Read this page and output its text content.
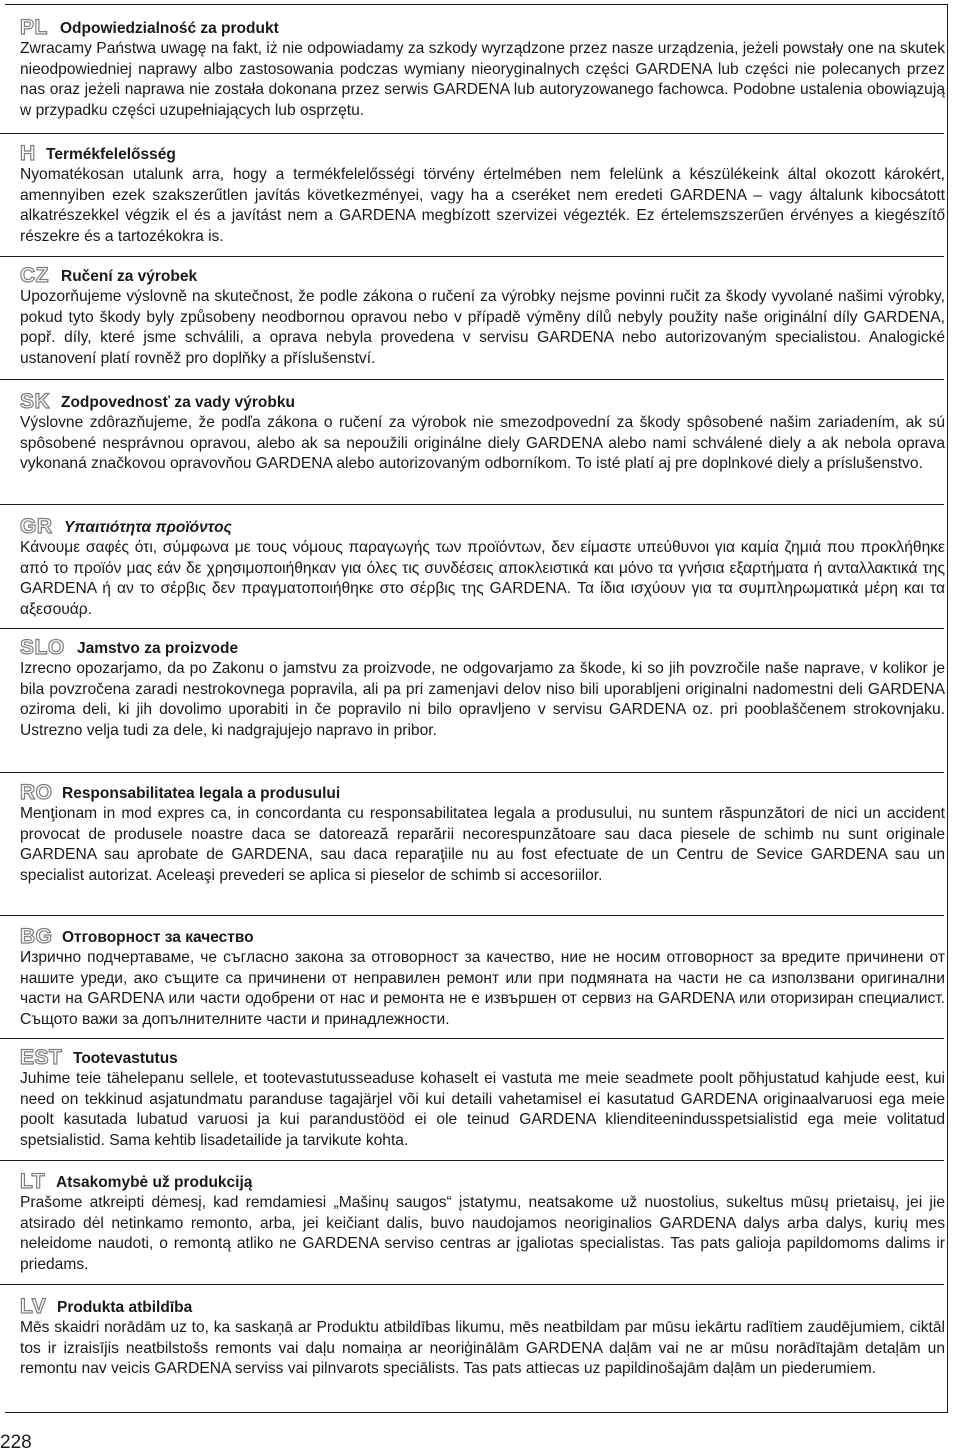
PL Odpowiedzialność za produkt

Zwracamy Państwa uwagę na fakt, iż nie odpowiadamy za szkody wyrządzone przez nasze urządzenia, jeżeli powstały one na skutek nieodpowiedniej naprawy albo zastosowania podczas wymiany nieoryginalnych części GARDENA lub części nie polecanych przez nas oraz jeżeli naprawa nie została dokonana przez serwis GARDENA lub autoryzowanego fachowca. Podobne ustalenia obowiązują w przypadku części uzupełniających lub osprzętu.

H Termékfelelősség

Nyomatékosan utalunk arra, hogy a termékfelelősségi törvény értelmében nem felelünk a készülékeink által okozott károkért, amennyiben ezek szakszerűtlen javítás következményei, vagy ha a cseréket nem eredeti GARDENA – vagy általunk kibocsátott alkatrészekkel végzik el és a javítást nem a GARDENA megbízott szervizei végezték. Ez értelemszszerűen érvényes a kiegészítő részekre és a tartozékokra is.

CZ Ručení za výrobek

Upozorňujeme výslovně na skutečnost, že podle zákona o ručení za výrobky nejsme povinni ručit za škody vyvolané našimi výrobky, pokud tyto škody byly způsobeny neodbornou opravou nebo v případě výměny dílů nebyly použity naše originální díly GARDENA, popř. díly, které jsme schválili, a oprava nebyla provedena v servisu GARDENA nebo autorizovaným specialistou. Analogické ustanovení platí rovněž pro doplňky a příslušenství.

SK Zodpovednosť za vady výrobku

Výslovne zdôrazňujeme, že podľa zákona o ručení za výrobok nie smezodpovední za škody spôsobené našim zariadením, ak sú spôsobené nesprávnou opravou, alebo ak sa nepoužili originálne diely GARDENA alebo nami schválené diely a ak nebola oprava vykonaná značkovou opravovňou GARDENA alebo autorizovaným odborníkom. To isté platí aj pre doplnkové diely a príslušenstvo.

GR Υπαιτιότητα προϊόντος

Κάνουμε σαφές ότι, σύμφωνα με τους νόμους παραγωγής των προϊόντων, δεν είμαστε υπεύθυνοι για καμία ζημιά που προκλήθηκε από το προϊόν μας εάν δε χρησιμοποιήθηκαν για όλες τις συνδέσεις αποκλειστικά και μόνο τα γνήσια εξαρτήματα ή ανταλλακτικά της GARDENA ή αν το σέρβις δεν πραγματοποιήθηκε στο σέρβις της GARDENA. Τα ίδια ισχύουν για τα συμπληρωματικά μέρη και τα αξεσουάρ.

SLO Jamstvo za proizvode

Izrecno opozarjamo, da po Zakonu o jamstvu za proizvode, ne odgovarjamo za škode, ki so jih povzročile naše naprave, v kolikor je bila povzročena zaradi nestrokovnega popravila, ali pa pri zamenjavi delov niso bili uporabljeni originalni nadomestni deli GARDENA oziroma deli, ki jih dovolimo uporabiti in če popravilo ni bilo opravljeno v servisu GARDENA oz. pri pooblaščenem strokovnjaku. Ustrezno velja tudi za dele, ki nadgrajujejo napravo in pribor.

RO Responsabilitatea legala a produsului

Menţionam in mod expres ca, in concordanta cu responsabilitatea legala a produsului, nu suntem răspunzători de nici un accident provocat de produsele noastre daca se datorează reparării necorespunzătoare sau daca piesele de schimb nu sunt originale GARDENA sau aprobate de GARDENA, sau daca reparaţiile nu au fost efectuate de un Centru de Sevice GARDENA sau un specialist autorizat. Aceleaşi prevederi se aplica si pieselor de schimb si accesoriilor.

BG Отговорност за качество

Изрично подчертаваме, че съгласно закона за отговорност за качество, ние не носим отговорност за вредите причинени от нашите уреди, ако същите са причинени от неправилен ремонт или при подмяната на части не са използвани оригинални части на GARDENA или части одобрени от нас и ремонта не е извършен от сервиз на GARDENA или оторизиран специалист. Същото важи за допълнителните части и принадлежности.

EST Tootevastutus

Juhime teie tähelepanu sellele, et tootevastutusseaduse kohaselt ei vastuta me meie seadmete poolt põhjustatud kahjude eest, kui need on tekkinud asjatundmatu paranduse tagajärjel või kui detaili vahetamisel ei kasutatud GARDENA originaalvaruosi ega meie poolt kasutada lubatud varuosi ja kui parandustööd ei ole teinud GARDENA klienditeenindusspetsialistid ega meie volitatud spetsialistid. Sama kehtib lisadetailide ja tarvikute kohta.

LT Atsakomybė už produkciją

Prašome atkreipti dėmesį, kad remdamiesi „Mašinų saugos“ įstatymu, neatsakome už nuostolius, sukeltus mūsų prietaisų, jei jie atsirado dėl netinkamo remonto, arba, jei keičiant dalis, buvo naudojamos neoriginalios GARDENA dalys arba dalys, kurių mes neleidome naudoti, o remontą atliko ne GARDENA serviso centras ar įgaliotas specialistas. Tas pats galioja papildomoms dalims ir priedams.

LV Produkta atbildība

Mēs skaidri norādām uz to, ka saskaņā ar Produktu atbildības likumu, mēs neatbildam par mūsu iekārtu radītiem zaudējumiem, ciktāl tos ir izraisījis neatbilstošs remonts vai daļu nomaiņa ar neoriģinālām GARDENA daļām vai ne ar mūsu norādītajām detaļām un remontu nav veicis GARDENA serviss vai pilnvarots speciālists. Tas pats attiecas uz papildinošajām daļām un piederumiem.

228
